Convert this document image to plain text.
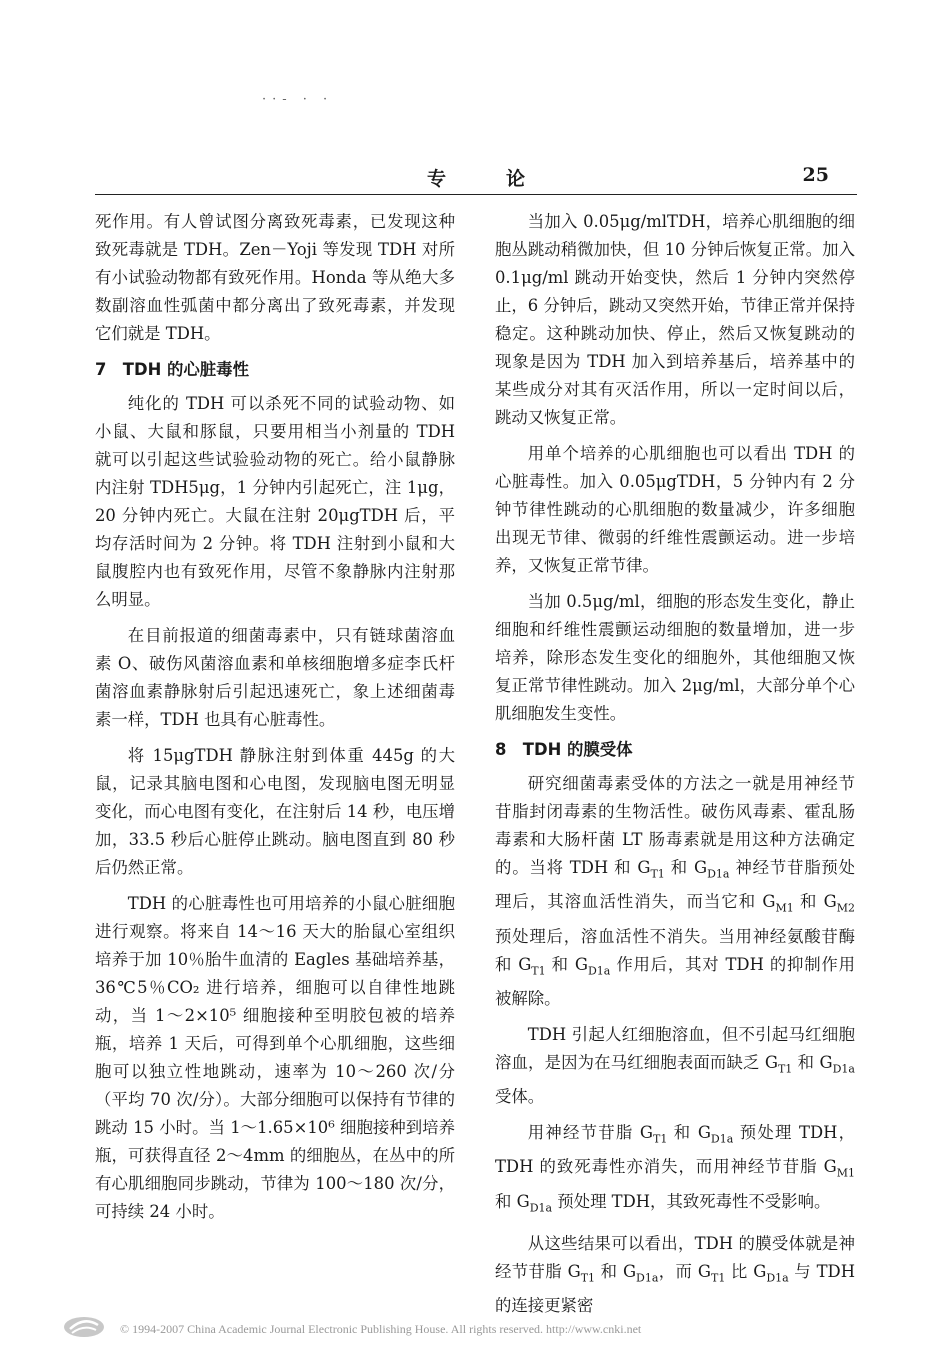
··- · ·
专论	25

死作用。有人曾试图分离致死毒素，已发现这种致死毒就是 TDH。Zen－Yoji 等发现 TDH 对所有小试验动物都有致死作用。Honda 等从绝大多数副溶血性弧菌中都分离出了致死毒素，并发现它们就是 TDH。

7　TDH 的心脏毒性

纯化的 TDH 可以杀死不同的试验动物、如小鼠、大鼠和豚鼠，只要用相当小剂量的 TDH 就可以引起这些试验验动物的死亡。给小鼠静脉内注射 TDH5μg，1 分钟内引起死亡，注 1μg，20 分钟内死亡。大鼠在注射 20μgTDH 后，平均存活时间为 2 分钟。将 TDH 注射到小鼠和大鼠腹腔内也有致死作用，尽管不象静脉内注射那么明显。

在目前报道的细菌毒素中，只有链球菌溶血素 O、破伤风菌溶血素和单核细胞增多症李氏杆菌溶血素静脉射后引起迅速死亡，象上述细菌毒素一样，TDH 也具有心脏毒性。

将 15μgTDH 静脉注射到体重 445g 的大鼠，记录其脑电图和心电图，发现脑电图无明显变化，而心电图有变化，在注射后 14 秒，电压增加，33.5 秒后心脏停止跳动。脑电图直到 80 秒后仍然正常。

TDH 的心脏毒性也可用培养的小鼠心脏细胞进行观察。将来自 14～16 天大的胎鼠心室组织培养于加 10％胎牛血清的 Eagles 基础培养基，36℃5％CO₂ 进行培养，细胞可以自律性地跳动，当 1～2×10⁵ 细胞接种至明胶包被的培养瓶，培养 1 天后，可得到单个心肌细胞，这些细胞可以独立性地跳动，速率为 10～260 次/分（平均 70 次/分）。大部分细胞可以保持有节律的跳动 15 小时。当 1～1.65×10⁶ 细胞接种到培养瓶，可获得直径 2～4mm 的细胞丛，在丛中的所有心肌细胞同步跳动，节律为 100～180 次/分，可持续 24 小时。

当加入 0.05μg/mlTDH，培养心肌细胞的细胞丛跳动稍微加快，但 10 分钟后恢复正常。加入 0.1μg/ml 跳动开始变快，然后 1 分钟内突然停止，6 分钟后，跳动又突然开始，节律正常并保持稳定。这种跳动加快、停止，然后又恢复跳动的现象是因为 TDH 加入到培养基后，培养基中的某些成分对其有灭活作用，所以一定时间以后，跳动又恢复正常。

用单个培养的心肌细胞也可以看出 TDH 的心脏毒性。加入 0.05μgTDH，5 分钟内有 2 分钟节律性跳动的心肌细胞的数量减少，许多细胞出现无节律、微弱的纤维性震颤运动。进一步培养，又恢复正常节律。

当加 0.5μg/ml，细胞的形态发生变化，静止细胞和纤维性震颤运动细胞的数量增加，进一步培养，除形态发生变化的细胞外，其他细胞又恢复正常节律性跳动。加入 2μg/ml，大部分单个心肌细胞发生变性。

8　TDH 的膜受体

研究细菌毒素受体的方法之一就是用神经节苷脂封闭毒素的生物活性。破伤风毒素、霍乱肠毒素和大肠杆菌 LT 肠毒素就是用这种方法确定的。当将 TDH 和 $G_{T1}$ 和 $G_{D1a}$ 神经节苷脂预处理后，其溶血活性消失，而当它和 $G_{M1}$ 和 $G_{M2}$ 预处理后，溶血活性不消失。当用神经氨酸苷酶和 $G_{T1}$ 和 $G_{D1a}$ 作用后，其对 TDH 的抑制作用被解除。

TDH 引起人红细胞溶血，但不引起马红细胞溶血，是因为在马红细胞表面而缺乏 $G_{T1}$ 和 $G_{D1a}$ 受体。

用神经节苷脂 $G_{T1}$ 和 $G_{D1a}$ 预处理 TDH，TDH 的致死毒性亦消失，而用神经节苷脂 $G_{M1}$ 和 $G_{D1a}$ 预处理 TDH，其致死毒性不受影响。

从这些结果可以看出，TDH 的膜受体就是神经节苷脂 $G_{T1}$ 和 $G_{D1a}$，而 $G_{T1}$ 比 $G_{D1a}$ 与 TDH 的连接更紧密

© 1994-2007 China Academic Journal Electronic Publishing House. All rights reserved. http://www.cnki.net
